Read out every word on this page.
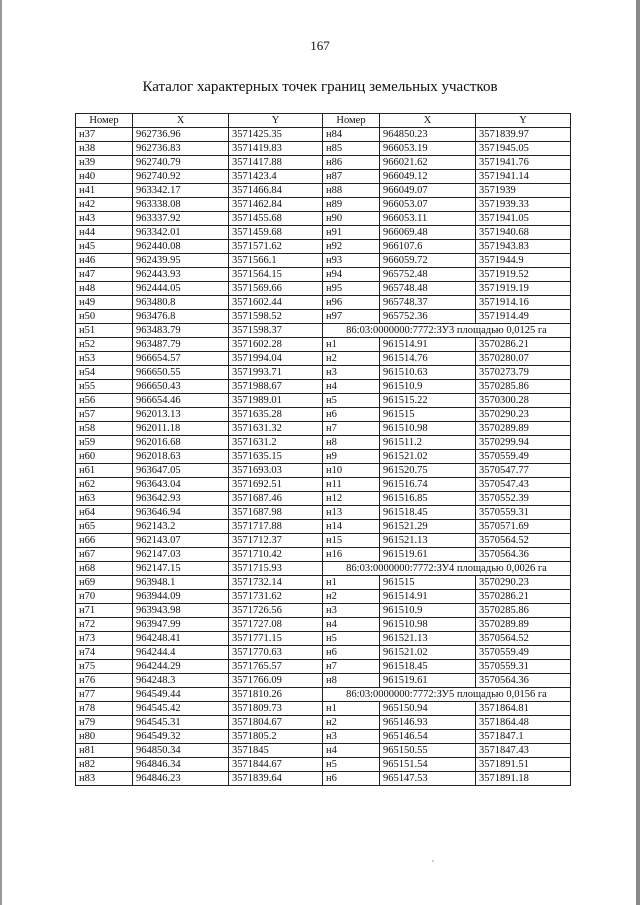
167
Каталог характерных точек границ земельных участков
Номер	X	Y	Номер	X	Y
н37	962736.96	3571425.35	н84	964850.23	3571839.97
н38	962736.83	3571419.83	н85	966053.19	3571945.05
н39	962740.79	3571417.88	н86	966021.62	3571941.76
н40	962740.92	3571423.4	н87	966049.12	3571941.14
н41	963342.17	3571466.84	н88	966049.07	3571939
н42	963338.08	3571462.84	н89	966053.07	3571939.33
н43	963337.92	3571455.68	н90	966053.11	3571941.05
н44	963342.01	3571459.68	н91	966069.48	3571940.68
н45	962440.08	3571571.62	н92	966107.6	3571943.83
н46	962439.95	3571566.1	н93	966059.72	3571944.9
н47	962443.93	3571564.15	н94	965752.48	3571919.52
н48	962444.05	3571569.66	н95	965748.48	3571919.19
н49	963480.8	3571602.44	н96	965748.37	3571914.16
н50	963476.8	3571598.52	н97	965752.36	3571914.49
н51	963483.79	3571598.37	86:03:0000000:7772:ЗУ3 площадью 0,0125 га		
н52	963487.79	3571602.28	н1	961514.91	3570286.21
н53	966654.57	3571994.04	н2	961514.76	3570280.07
н54	966650.55	3571993.71	н3	961510.63	3570273.79
н55	966650.43	3571988.67	н4	961510.9	3570285.86
н56	966654.46	3571989.01	н5	961515.22	3570300.28
н57	962013.13	3571635.28	н6	961515	3570290.23
н58	962011.18	3571631.32	н7	961510.98	3570289.89
н59	962016.68	3571631.2	н8	961511.2	3570299.94
н60	962018.63	3571635.15	н9	961521.02	3570559.49
н61	963647.05	3571693.03	н10	961520.75	3570547.77
н62	963643.04	3571692.51	н11	961516.74	3570547.43
н63	963642.93	3571687.46	н12	961516.85	3570552.39
н64	963646.94	3571687.98	н13	961518.45	3570559.31
н65	962143.2	3571717.88	н14	961521.29	3570571.69
н66	962143.07	3571712.37	н15	961521.13	3570564.52
н67	962147.03	3571710.42	н16	961519.61	3570564.36
н68	962147.15	3571715.93	86:03:0000000:7772:ЗУ4 площадью 0,0026 га		
н69	963948.1	3571732.14	н1	961515	3570290.23
н70	963944.09	3571731.62	н2	961514.91	3570286.21
н71	963943.98	3571726.56	н3	961510.9	3570285.86
н72	963947.99	3571727.08	н4	961510.98	3570289.89
н73	964248.41	3571771.15	н5	961521.13	3570564.52
н74	964244.4	3571770.63	н6	961521.02	3570559.49
н75	964244.29	3571765.57	н7	961518.45	3570559.31
н76	964248.3	3571766.09	н8	961519.61	3570564.36
н77	964549.44	3571810.26	86:03:0000000:7772:ЗУ5 площадью 0,0156 га		
н78	964545.42	3571809.73	н1	965150.94	3571864.81
н79	964545.31	3571804.67	н2	965146.93	3571864.48
н80	964549.32	3571805.2	н3	965146.54	3571847.1
н81	964850.34	3571845	н4	965150.55	3571847.43
н82	964846.34	3571844.67	н5	965151.54	3571891.51
н83	964846.23	3571839.64	н6	965147.53	3571891.18
